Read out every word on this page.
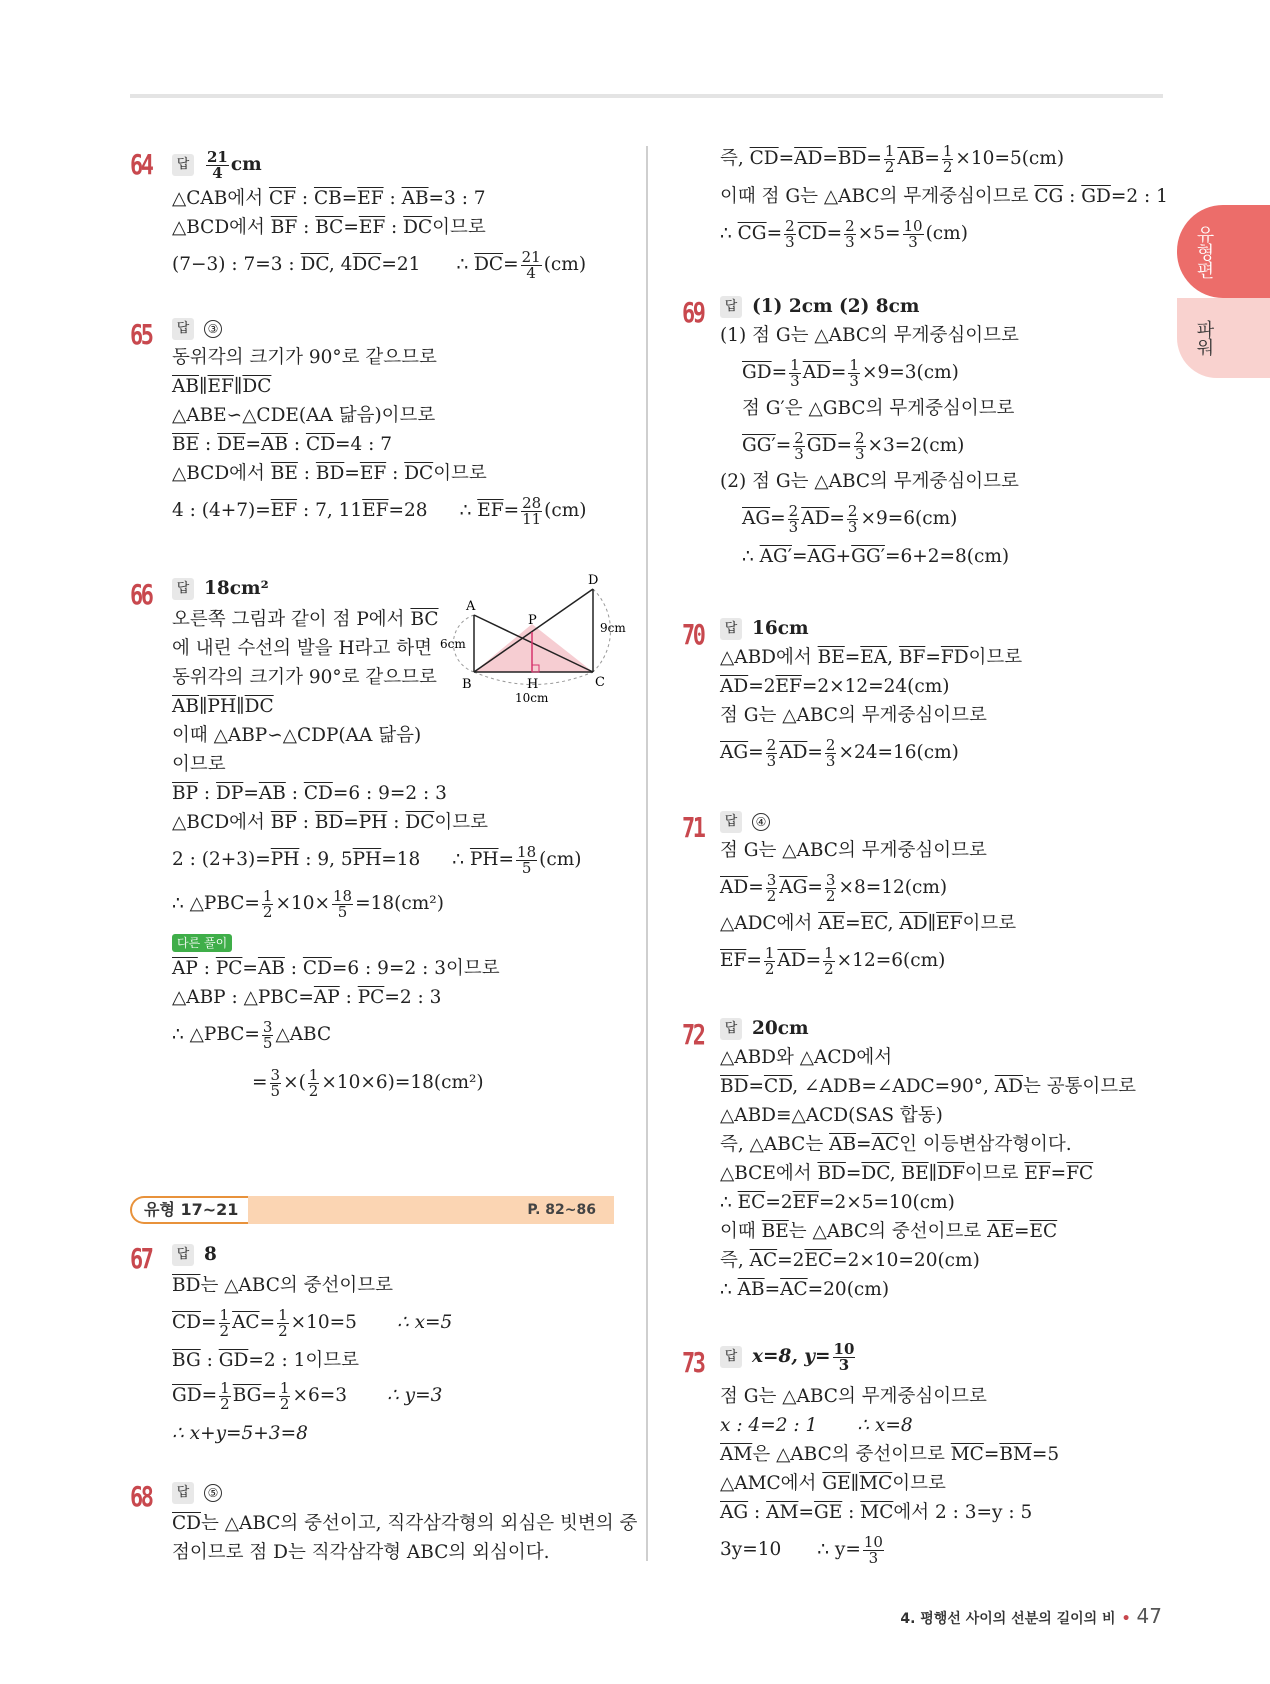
유형편
파워
64	답 $\frac{21}{4}$ cm
△CAB에서 $\overline{CF}$ : $\overline{CB}=\overline{EF}$ : $\overline{AB}=3$ : 7
△BCD에서 $\overline{BF}$ : $\overline{BC}=\overline{EF}$ : $\overline{DC}$이므로
(7−3) : 7=3 : $\overline{DC}$, $4\overline{DC}=21$ ∴ $\overline{DC}= \frac{21}{4} (cm)$
65	답 ③
동위각의 크기가 90°로 같으므로
$\overline{AB}\parallel\overline{EF}\parallel\overline{DC}$
△ABE∽△CDE(AA 닮음)이므로
$\overline{BE}$ : $\overline{DE}=\overline{AB}$ : $\overline{CD}=4$ : 7
△BCD에서 $\overline{BE}$ : $\overline{BD}=\overline{EF}$ : $\overline{DC}$이므로
4 : $(4+7)=\overline{EF}$ : 7, $11\overline{EF}=28$ ∴ $\overline{EF}= \frac{28}{11} (cm)$
66	답 18cm²
오른쪽 그림과 같이 점 P에서 $\overline{BC}$
에 내린 수선의 발을 H라고 하면
동위각의 크기가 90°로 같으므로
$\overline{AB}\parallel\overline{PH}\parallel\overline{DC}$
이때 △ABP∽△CDP(AA 닮음)
이므로
$\overline{BP}$ : $\overline{DP}=\overline{AB}$ : $\overline{CD}=6$ : 9=2 : 3
△BCD에서 $\overline{BP}$ : $\overline{BD}=\overline{PH}$ : $\overline{DC}$이므로
2 : $(2+3)=\overline{PH}$ : 9, $5\overline{PH}=18$ ∴ $\overline{PH}= \frac{18}{5} (cm)$
∴ △PBC= $\frac{1}{2} \times 10\times \frac{18}{5} =18(cm^2)$
다른 풀이
$\overline{AP}$ : $\overline{PC}=\overline{AB}$ : $\overline{CD}=6$ : 9=2 : 3이므로
△ABP : $\triangle PBC=\overline{AP}$ : $\overline{PC}=2$ : 3
∴ △PBC= $\frac{3}{5}$ △ABC
= $\frac{3}{5}$ ×( $\frac{1}{2} \times 10\times 6)=18(cm^2)$
A
B	C
D
P
H
6cm
9cm
10cm
유형 17~21	P. 82~86
67	답 8
$\overline{BD}$는 △ABC의 중선이므로
$\overline{CD}= \frac{1}{2} \overline{AC}= \frac{1}{2} \times 10=5$ ∴ x=5
$\overline{BG}$ : $\overline{GD}=2$ : 1이므로
$\overline{GD}= \frac{1}{2} \overline{BG}= \frac{1}{2} \times 6=3$ ∴ y=3
∴ x+y=5+3=8
68	답 ⑤
$\overline{CD}$는 △ABC의 중선이고, 직각삼각형의 외심은 빗변의 중
점이므로 점 D는 직각삼각형 ABC의 외심이다.
즉, $\overline{CD}=\overline{AD}=\overline{BD}= \frac{1}{2} \overline{AB}= \frac{1}{2} \times 10=5(cm)$
이때 점 G는 △ABC의 무게중심이므로 $\overline{CG}$ : $\overline{GD}=2$ : 1
∴ $\overline{CG}= \frac{2}{3} \overline{CD}= \frac{2}{3} \times 5= \frac{10}{3} (cm)$
69	답 (1) 2cm (2) 8cm
(1) 점 G는 △ABC의 무게중심이므로
$\overline{GD}= \frac{1}{3} \overline{AD}= \frac{1}{3} \times 9=3(cm)$
점 G′은 △GBC의 무게중심이므로
$GG'= \frac{2}{3} \overline{GD}= \frac{2}{3} \times 3=2(cm)$
(2) 점 G는 △ABC의 무게중심이므로
$\overline{AG}= \frac{2}{3} \overline{AD}= \frac{2}{3} \times 9=6(cm)$
∴ $AG'=\overline{AG}+GG'=6+2=8(cm)$
70	답 16cm
△ABD에서 $\overline{BE}=\overline{EA}$, $\overline{BF}=\overline{FD}$이므로
$\overline{AD}=2\overline{EF}=2\times 12=24(cm)$
점 G는 △ABC의 무게중심이므로
$\overline{AG}= \frac{2}{3} \overline{AD}= \frac{2}{3} \times 24=16(cm)$
71	답 ④
점 G는 △ABC의 무게중심이므로
$\overline{AD}= \frac{3}{2} \overline{AG}= \frac{3}{2} \times 8=12(cm)$
△ADC에서 $\overline{AE}=\overline{EC}$, $\overline{AD}\parallel\overline{EF}$이므로
$\overline{EF}= \frac{1}{2} \overline{AD}= \frac{1}{2} \times 12=6(cm)$
72	답 20cm
△ABD와 △ACD에서
$\overline{BD}=\overline{CD}$, ∠ADB=∠ADC=90°, $\overline{AD}$는 공통이므로
△ABD≡△ACD(SAS 합동)
즉, △ABC는 $\overline{AB}=\overline{AC}$인 이등변삼각형이다.
△BCE에서 $\overline{BD}=\overline{DC}$, $\overline{BE}\parallel\overline{DF}$이므로 $\overline{EF}=\overline{FC}$
∴ $\overline{EC}=2\overline{EF}=2\times 5=10(cm)$
이때 $\overline{BE}$는 △ABC의 중선이므로 $\overline{AE}=\overline{EC}$
즉, $\overline{AC}=2\overline{EC}=2\times 10=20(cm)$
∴ $\overline{AB}=\overline{AC}=20(cm)$
73	답 x=8, $y= \frac{10}{3}$
점 G는 △ABC의 무게중심이므로
x : 4=2 : 1 ∴ x=8
$\overline{AM}$은 △ABC의 중선이므로 $\overline{MC}=\overline{BM}=5$
△AMC에서 $\overline{GE}\parallel\overline{MC}$이므로
$\overline{AG}$ : $\overline{AM}=\overline{GE}$ : $\overline{MC}$에서 2 : 3=y : 5
3y=10 ∴ $y= \frac{10}{3}$
4. 평행선 사이의 선분의 길이의 비 • 47
